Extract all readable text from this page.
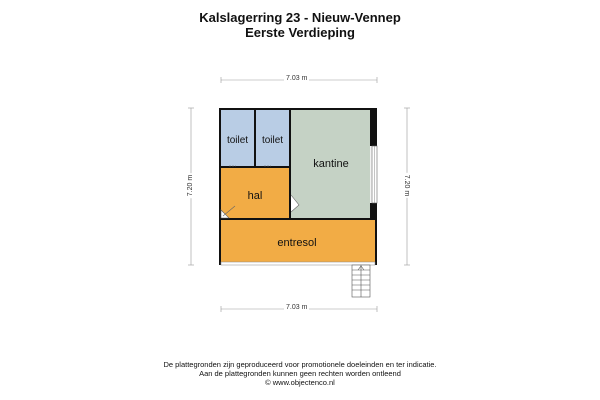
Kalslagerring 23 - Nieuw-Vennep
Eerste Verdieping
toilet toilet
kantine
hal
entresol
7.03 m
7.03 m
7.20 m	7.20 m
De plattegronden zijn geproduceerd voor promotionele doeleinden en ter indicatie.
Aan de plattegronden kunnen geen rechten worden ontleend
© www.objectenco.nl
